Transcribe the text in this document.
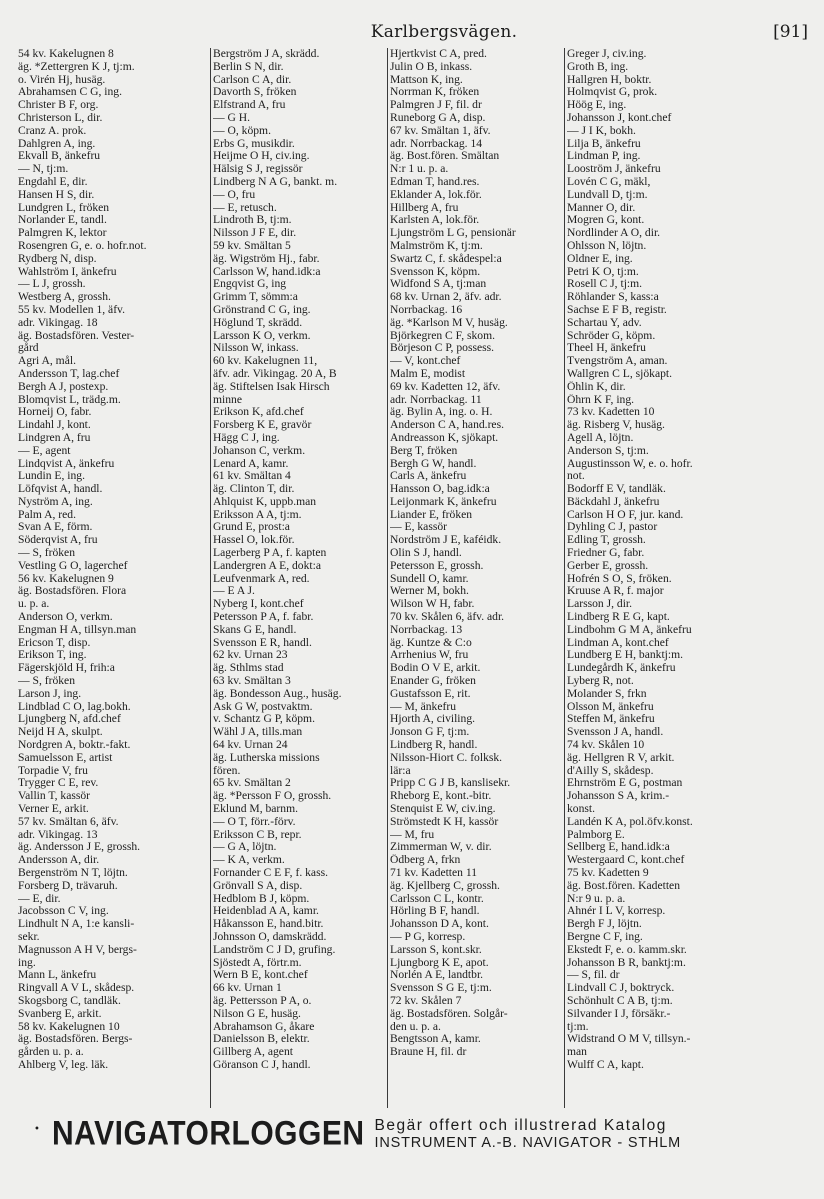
Karlbergsvägen.	[91]
54 kv. Kakelugnen 8
äg. *Zettergren K J, tj:m.
o. Virén Hj, husäg.
Abrahamsen C G, ing.
Christer B F, org.
Christerson L, dir.
Cranz A. prok.
Dahlgren A, ing.
Ekvall B, änkefru
— N, tj:m.
Engdahl E, dir.
Hansen H S, dir.
Lundgren L, fröken
Norlander E, tandl.
Palmgren K, lektor
Rosengren G, e. o. hofr.not.
Rydberg N, disp.
Wahlström I, änkefru
— L J, grossh.
Westberg A, grossh.
55 kv. Modellen 1, äfv.
adr. Vikingag. 18
äg. Bostadsfören. Vester-
gård
Agri A, mål.
Andersson T, lag.chef
Bergh A J, postexp.
Blomqvist L, trädg.m.
Horneij O, fabr.
Lindahl J, kont.
Lindgren A, fru
— E, agent
Lindqvist A, änkefru
Lundin E, ing.
Löfqvist A, handl.
Nyström A, ing.
Palm A, red.
Svan A E, förm.
Söderqvist A, fru
— S, fröken
Vestling G O, lagerchef
56 kv. Kakelugnen 9
äg. Bostadsfören. Flora
u. p. a.
Anderson O, verkm.
Engman H A, tillsyn.man
Ericson T, disp.
Erikson T, ing.
Fägerskjöld H, frih:a
— S, fröken
Larson J, ing.
Lindblad C O, lag.bokh.
Ljungberg N, afd.chef
Neijd H A, skulpt.
Nordgren A, boktr.-fakt.
Samuelsson E, artist
Torpadie V, fru
Trygger C E, rev.
Vallin T, kassör
Verner E, arkit.
57 kv. Smältan 6, äfv.
adr. Vikingag. 13
äg. Andersson J E, grossh.
Andersson A, dir.
Bergenström N T, löjtn.
Forsberg D, trävaruh.
— E, dir.
Jacobsson C V, ing.
Lindhult N A, 1:e kansli-
sekr.
Magnusson A H V, bergs-
ing.
Mann L, änkefru
Ringvall A V L, skådesp.
Skogsborg C, tandläk.
Svanberg E, arkit.
58 kv. Kakelugnen 10
äg. Bostadsfören. Bergs-
gården u. p. a.
Ahlberg V, leg. läk.
Bergström J A, skrädd.
Berlin S N, dir.
Carlson C A, dir.
Davorth S, fröken
Elfstrand A, fru
— G H.
— O, köpm.
Erbs G, musikdir.
Heijme O H, civ.ing.
Hälsig S J, regissör
Lindberg N A G, bankt. m.
— O, fru
— E, retusch.
Lindroth B, tj:m.
Nilsson J F E, dir.
59 kv. Smältan 5
äg. Wigström Hj., fabr.
Carlsson W, hand.idk:a
Engqvist G, ing
Grimm T, sömm:a
Grönstrand C G, ing.
Höglund T, skrädd.
Larsson K O, verkm.
Nilsson W, inkass.
60 kv. Kakelugnen 11,
äfv. adr. Vikingag. 20 A, B
äg. Stiftelsen Isak Hirsch
minne
Erikson K, afd.chef
Forsberg K E, gravör
Hägg C J, ing.
Johanson C, verkm.
Lenard A, kamr.
61 kv. Smältan 4
äg. Clinton T, dir.
Ahlquist K, uppb.man
Eriksson A A, tj:m.
Grund E, prost:a
Hassel O, lok.för.
Lagerberg P A, f. kapten
Landergren A E, dokt:a
Leufvenmark A, red.
— E A J.
Nyberg I, kont.chef
Petersson P A, f. fabr.
Skans G E, handl.
Svensson E R, handl.
62 kv. Urnan 23
äg. Sthlms stad
63 kv. Smältan 3
äg. Bondesson Aug., husäg.
Ask G W, postvaktm.
v. Schantz G P, köpm.
Wähl J A, tills.man
64 kv. Urnan 24
äg. Lutherska missions
fören.
65 kv. Smältan 2
äg. *Persson F O, grossh.
Eklund M, barnm.
— O T, förr.-förv.
Eriksson C B, repr.
— G A, löjtn.
— K A, verkm.
Fornander C E F, f. kass.
Grönvall S A, disp.
Hedblom B J, köpm.
Heidenblad A A, kamr.
Håkansson E, hand.bitr.
Johnsson O, damskrädd.
Landström C J D, grufing.
Sjöstedt A, förtr.m.
Wern B E, kont.chef
66 kv. Urnan 1
äg. Pettersson P A, o.
Nilson G E, husäg.
Abrahamson G, åkare
Danielsson B, elektr.
Gillberg A, agent
Göranson C J, handl.
Hjertkvist C A, pred.
Julin O B, inkass.
Mattson K, ing.
Norrman K, fröken
Palmgren J F, fil. dr
Runeborg G A, disp.
67 kv. Smältan 1, äfv.
adr. Norrbackag. 14
äg. Bost.fören. Smältan
N:r 1 u. p. a.
Edman T, hand.res.
Eklander A, lok.för.
Hillberg A, fru
Karlsten A, lok.för.
Ljungström L G, pensionär
Malmström K, tj:m.
Swartz C, f. skådespel:a
Svensson K, köpm.
Widfond S A, tj:man
68 kv. Urnan 2, äfv. adr.
Norrbackag. 16
äg. *Karlson M V, husäg.
Björkegren C F, skom.
Börjeson C P, possess.
— V, kont.chef
Malm E, modist
69 kv. Kadetten 12, äfv.
adr. Norrbackag. 11
äg. Bylin A, ing. o. H.
Anderson C A, hand.res.
Andreasson K, sjökapt.
Berg T, fröken
Bergh G W, handl.
Carls A, änkefru
Hansson O, bag.idk:a
Leijonmark K, änkefru
Liander E, fröken
— E, kassör
Nordström J E, kaféidk.
Olin S J, handl.
Petersson E, grossh.
Sundell O, kamr.
Werner M, bokh.
Wilson W H, fabr.
70 kv. Skålen 6, äfv. adr.
Norrbackag. 13
äg. Kuntze & C:o
Arrhenius W, fru
Bodin O V E, arkit.
Enander G, fröken
Gustafsson E, rit.
— M, änkefru
Hjorth A, civiling.
Jonson G F, tj:m.
Lindberg R, handl.
Nilsson-Hiort C. folksk.
lär:a
Pripp C G J B, kanslisekr.
Rheborg E, kont.-bitr.
Stenquist E W, civ.ing.
Strömstedt K H, kassör
— M, fru
Zimmerman W, v. dir.
Ödberg A, frkn
71 kv. Kadetten 11
äg. Kjellberg C, grossh.
Carlsson C L, kontr.
Hörling B F, handl.
Johansson D A, kont.
— P G, korresp.
Larsson S, kont.skr.
Ljungborg K E, apot.
Norlén A E, landtbr.
Svensson S G E, tj:m.
72 kv. Skålen 7
äg. Bostadsfören. Solgår-
den u. p. a.
Bengtsson A, kamr.
Braune H, fil. dr
Greger J, civ.ing.
Groth B, ing.
Hallgren H, boktr.
Holmqvist G, prok.
Höög E, ing.
Johansson J, kont.chef
— J I K, bokh.
Lilja B, änkefru
Lindman P, ing.
Looström J, änkefru
Lovén C G, mäkl,
Lundvall D, tj:m.
Manner O, dir.
Mogren G, kont.
Nordlinder A O, dir.
Ohlsson N, löjtn.
Oldner E, ing.
Petri K O, tj:m.
Rosell C J, tj:m.
Röhlander S, kass:a
Sachse E F B, registr.
Schartau Y, adv.
Schröder G, köpm.
Theel H, änkefru
Tvengström A, aman.
Wallgren C L, sjökapt.
Öhlin K, dir.
Öhrn K F, ing.
73 kv. Kadetten 10
äg. Risberg V, husäg.
Agell A, löjtn.
Anderson S, tj:m.
Augustinsson W, e. o. hofr.
not.
Bodorff E V, tandläk.
Bäckdahl J, änkefru
Carlson H O F, jur. kand.
Dyhling C J, pastor
Edling T, grossh.
Friedner G, fabr.
Gerber E, grossh.
Hofrén S O, S, fröken.
Kruuse A R, f. major
Larsson J, dir.
Lindberg R E G, kapt.
Lindbohm G M A, änkefru
Lindman A, kont.chef
Lundberg E H, banktj:m.
Lundegårdh K, änkefru
Lyberg R, not.
Molander S, frkn
Olsson M, änkefru
Steffen M, änkefru
Svensson J A, handl.
74 kv. Skålen 10
äg. Hellgren R V, arkit.
d'Ailly S, skådesp.
Ehrnström E G, postman
Johansson S A, krim.-
konst.
Landén K A, pol.öfv.konst.
Palmborg E.
Sellberg E, hand.idk:a
Westergaard C, kont.chef
75 kv. Kadetten 9
äg. Bost.fören. Kadetten
N:r 9 u. p. a.
Ahnér I L V, korresp.
Bergh F J, löjtn.
Bergne C F, ing.
Ekstedt F, e. o. kamm.skr.
Johansson B R, banktj:m.
— S, fil. dr
Lindvall C J, boktryck.
Schönhult C A B, tj:m.
Silvander I J, försäkr.-
tj:m.
Widstrand O M V, tillsyn.-
man
Wulff C A, kapt.
• NAVIGATORLOGGEN Begär offert och illustrerad Katalog
INSTRUMENT A.-B. NAVIGATOR - STHLM
